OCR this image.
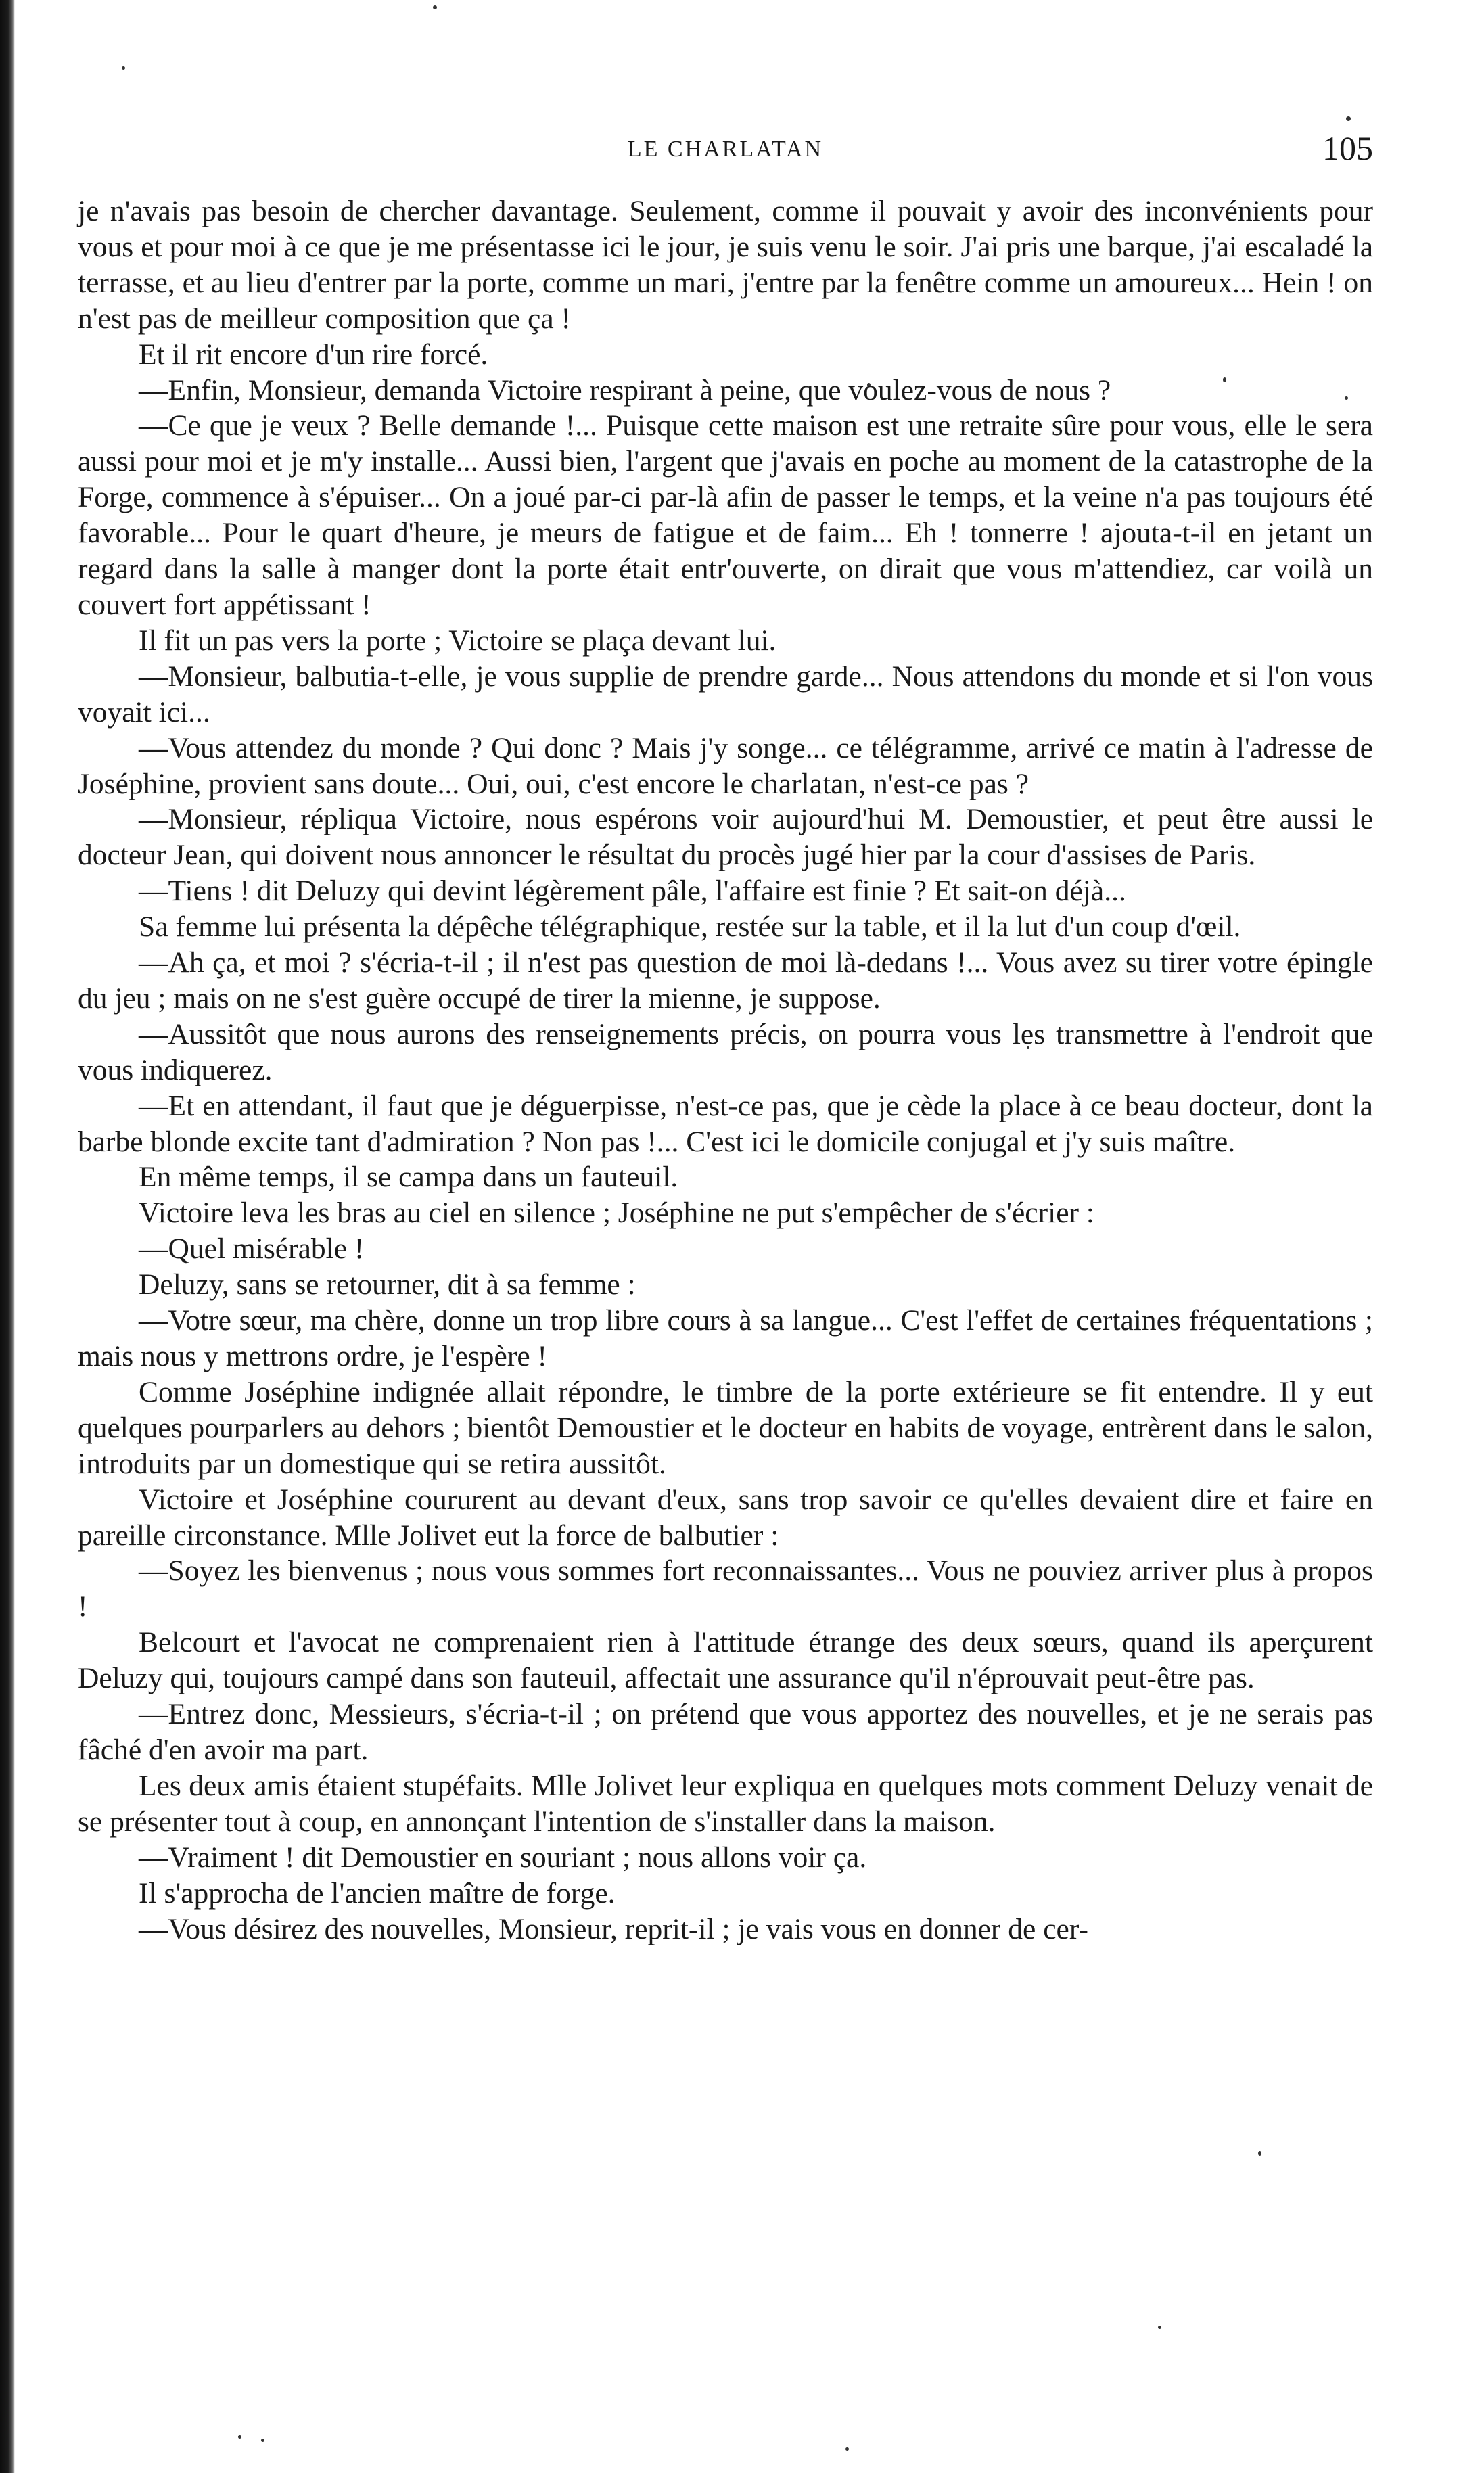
LE CHARLATAN	105

je n'avais pas besoin de chercher davantage. Seulement, comme il pouvait y avoir des inconvénients pour vous et pour moi à ce que je me présentasse ici le jour, je suis venu le soir. J'ai pris une barque, j'ai escaladé la terrasse, et au lieu d'entrer par la porte, comme un mari, j'entre par la fenêtre comme un amoureux... Hein ! on n'est pas de meilleur composition que ça !

Et il rit encore d'un rire forcé.

—Enfin, Monsieur, demanda Victoire respirant à peine, que voulez-vous de nous ?

—Ce que je veux ? Belle demande !... Puisque cette maison est une retraite sûre pour vous, elle le sera aussi pour moi et je m'y installe... Aussi bien, l'argent que j'avais en poche au moment de la catastrophe de la Forge, commence à s'épuiser... On a joué par-ci par-là afin de passer le temps, et la veine n'a pas toujours été favorable... Pour le quart d'heure, je meurs de fatigue et de faim... Eh ! tonnerre ! ajouta-t-il en jetant un regard dans la salle à manger dont la porte était entr'ouverte, on dirait que vous m'attendiez, car voilà un couvert fort appétissant !

Il fit un pas vers la porte ; Victoire se plaça devant lui.

—Monsieur, balbutia-t-elle, je vous supplie de prendre garde... Nous attendons du monde et si l'on vous voyait ici...

—Vous attendez du monde ? Qui donc ? Mais j'y songe... ce télégramme, arrivé ce matin à l'adresse de Joséphine, provient sans doute... Oui, oui, c'est encore le charlatan, n'est-ce pas ?

—Monsieur, répliqua Victoire, nous espérons voir aujourd'hui M. Demoustier, et peut être aussi le docteur Jean, qui doivent nous annoncer le résultat du procès jugé hier par la cour d'assises de Paris.

—Tiens ! dit Deluzy qui devint légèrement pâle, l'affaire est finie ? Et sait-on déjà...

Sa femme lui présenta la dépêche télégraphique, restée sur la table, et il la lut d'un coup d'œil.

—Ah ça, et moi ? s'écria-t-il ; il n'est pas question de moi là-dedans !... Vous avez su tirer votre épingle du jeu ; mais on ne s'est guère occupé de tirer la mienne, je suppose.

—Aussitôt que nous aurons des renseignements précis, on pourra vous les transmettre à l'endroit que vous indiquerez.

—Et en attendant, il faut que je déguerpisse, n'est-ce pas, que je cède la place à ce beau docteur, dont la barbe blonde excite tant d'admiration ? Non pas !... C'est ici le domicile conjugal et j'y suis maître.

En même temps, il se campa dans un fauteuil.

Victoire leva les bras au ciel en silence ; Joséphine ne put s'empêcher de s'écrier :

—Quel misérable !

Deluzy, sans se retourner, dit à sa femme :

—Votre sœur, ma chère, donne un trop libre cours à sa langue... C'est l'effet de certaines fréquentations ; mais nous y mettrons ordre, je l'espère !

Comme Joséphine indignée allait répondre, le timbre de la porte extérieure se fit entendre. Il y eut quelques pourparlers au dehors ; bientôt Demoustier et le docteur en habits de voyage, entrèrent dans le salon, introduits par un domestique qui se retira aussitôt.

Victoire et Joséphine coururent au devant d'eux, sans trop savoir ce qu'elles devaient dire et faire en pareille circonstance. Mlle Jolivet eut la force de balbutier :

—Soyez les bienvenus ; nous vous sommes fort reconnaissantes... Vous ne pouviez arriver plus à propos !

Belcourt et l'avocat ne comprenaient rien à l'attitude étrange des deux sœurs, quand ils aperçurent Deluzy qui, toujours campé dans son fauteuil, affectait une assurance qu'il n'éprouvait peut-être pas.

—Entrez donc, Messieurs, s'écria-t-il ; on prétend que vous apportez des nouvelles, et je ne serais pas fâché d'en avoir ma part.

Les deux amis étaient stupéfaits. Mlle Jolivet leur expliqua en quelques mots comment Deluzy venait de se présenter tout à coup, en annonçant l'intention de s'installer dans la maison.

—Vraiment ! dit Demoustier en souriant ; nous allons voir ça.

Il s'approcha de l'ancien maître de forge.

—Vous désirez des nouvelles, Monsieur, reprit-il ; je vais vous en donner de cer-
